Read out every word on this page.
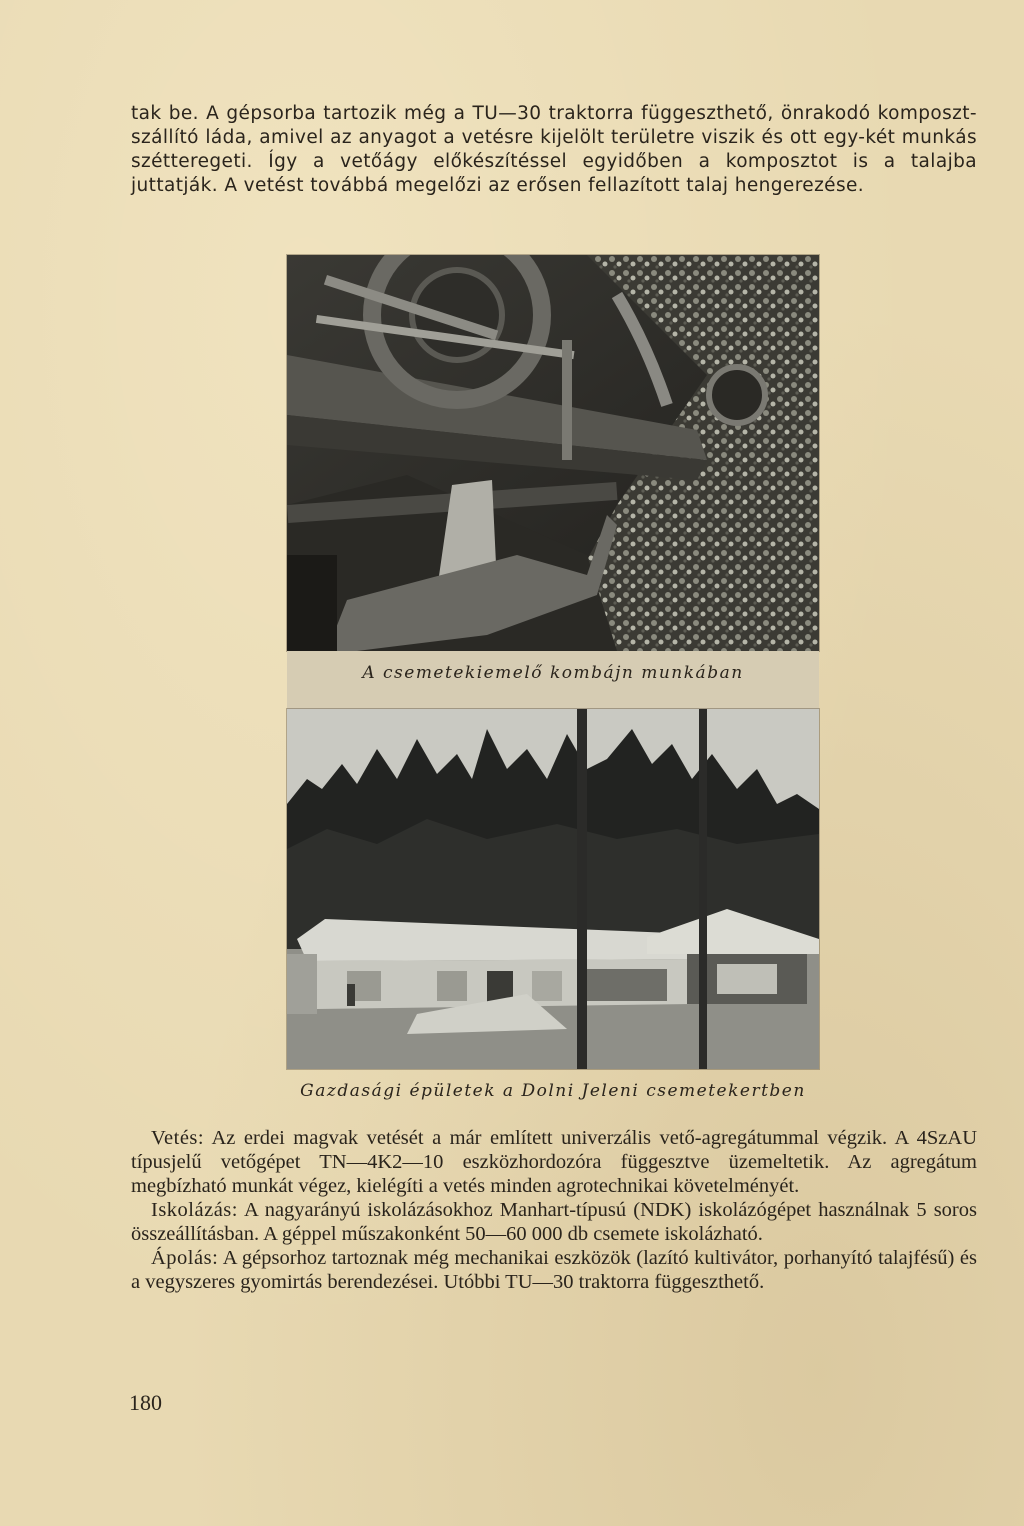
tak be. A gépsorba tartozik még a TU—30 traktorra függeszthető, önrakodó komposzt-szállító láda, amivel az anyagot a vetésre kijelölt területre viszik és ott egy-két munkás szétteregeti. Így a vetőágy előkészítéssel egyidőben a komposztot is a talajba juttatják. A vetést továbbá megelőzi az erősen fellazított talaj hengerezése.

A csemetekiemelő kombájn munkában
Gazdasági épületek a Dolni Jeleni csemetekertben

Vetés: Az erdei magvak vetését a már említett univerzális vető-agregátummal végzik. A 4SzAU típusjelű vetőgépet TN—4K2—10 eszközhordozóra függesztve üzemeltetik. Az agregátum megbízható munkát végez, kielégíti a vetés minden agrotechnikai követelményét.

Iskolázás: A nagyarányú iskolázásokhoz Manhart-típusú (NDK) iskolázógépet használnak 5 soros összeállításban. A géppel műszakonként 50—60 000 db csemete iskolázható.

Ápolás: A gépsorhoz tartoznak még mechanikai eszközök (lazító kultivátor, porhanyító talajfésű) és a vegyszeres gyomirtás berendezései. Utóbbi TU—30 traktorra függeszthető.

180
